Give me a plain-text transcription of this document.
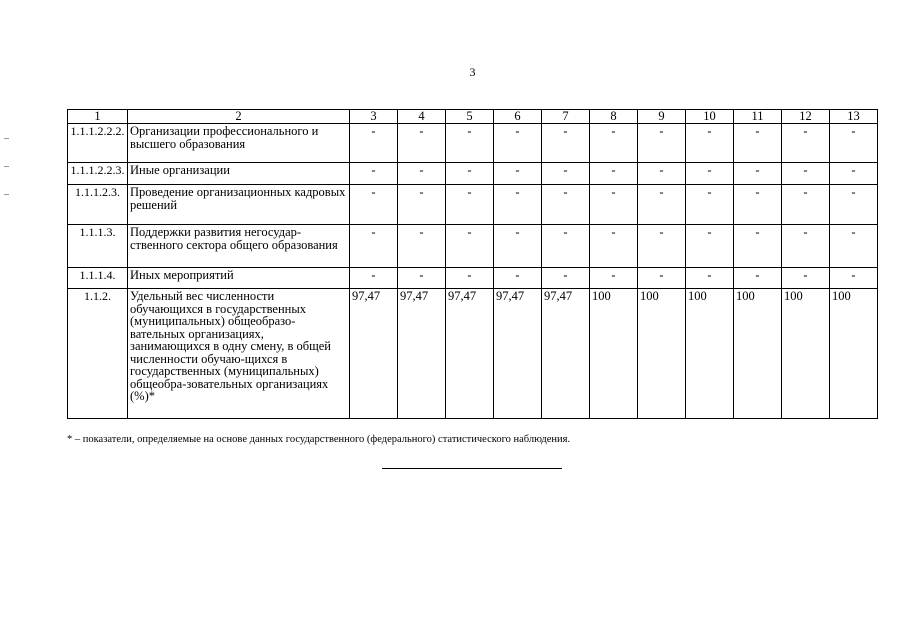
3
1	2	3	4	5	6	7	8	9	10	11	12	13
1.1.1.2.2.2.	Организации профессионального и высшего образования	-	-	-	-	-	-	-	-	-	-	-
1.1.1.2.2.3.	Иные организации	-	-	-	-	-	-	-	-	-	-	-
1.1.1.2.3.	Проведение организационных кадровых решений	-	-	-	-	-	-	-	-	-	-	-
1.1.1.3.	Поддержки развития негосудар-ственного сектора общего образования	-	-	-	-	-	-	-	-	-	-	-
1.1.1.4.	Иных мероприятий	-	-	-	-	-	-	-	-	-	-	-
1.1.2.	Удельный вес численности обучающихся в государственных (муниципальных) общеобразо-вательных организациях, занимающихся в одну смену, в общей численности обучаю-щихся в государственных (муниципальных) общеобра-зовательных организациях (%)*	97,47	97,47	97,47	97,47	97,47	100	100	100	100	100	100
* – показатели, определяемые на основе данных государственного (федерального) статистического наблюдения.
